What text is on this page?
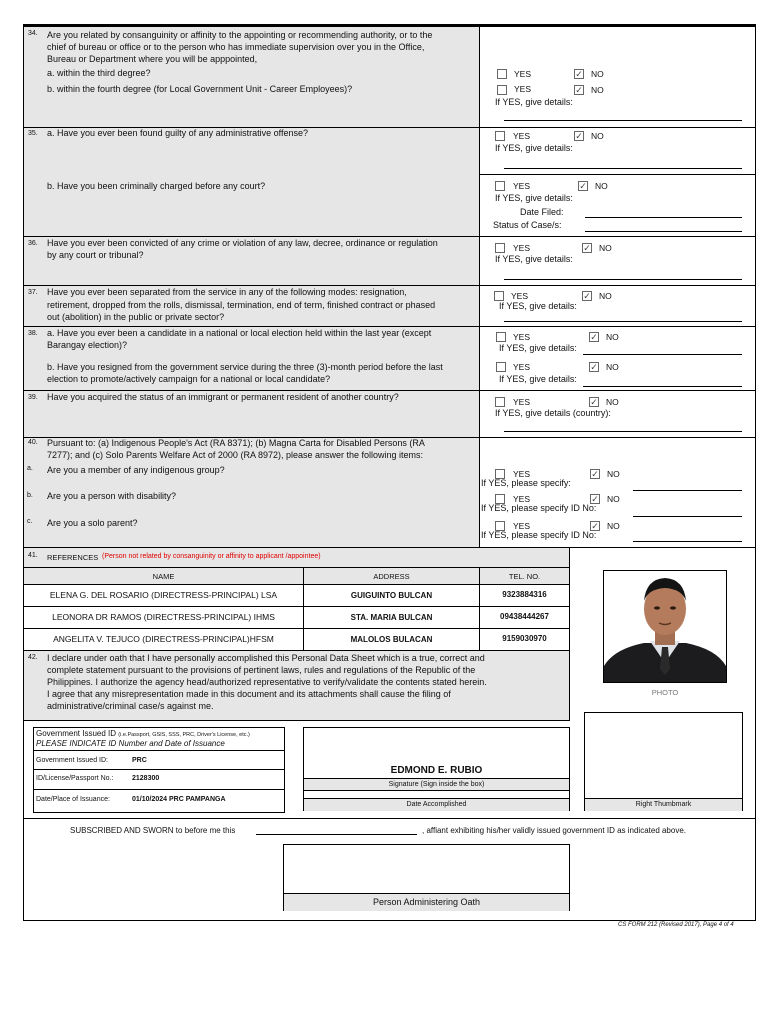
34. Are you related by consanguinity or affinity to the appointing or recommending authority, or to the
chief of bureau or office or to the person who has immediate supervision over you in the Office,
Bureau or Department where you will be apppointed,
a. within the third degree?
b. within the fourth degree (for Local Government Unit - Career Employees)?
YES	✓ NO
YES	✓ NO
If YES, give details:
35. a. Have you ever been found guilty of any administrative offense?
b. Have you been criminally charged before any court?
YES	✓ NO
If YES, give details:
YES	✓ NO
If YES, give details:
Date Filed:
Status of Case/s:
36. Have you ever been convicted of any crime or violation of any law, decree, ordinance or regulation
by any court or tribunal?
YES	✓ NO
If YES, give details:
37. Have you ever been separated from the service in any of the following modes: resignation,
retirement, dropped from the rolls, dismissal, termination, end of term, finished contract or phased
out (abolition) in the public or private sector?
YES	✓ NO
If YES, give details:
38. a. Have you ever been a candidate in a national or local election held within the last year (except
Barangay election)?
b. Have you resigned from the government service during the three (3)-month period before the last
election to promote/actively campaign for a national or local candidate?
YES	✓ NO
If YES, give details:
YES	✓ NO
If YES, give details:
39. Have you acquired the status of an immigrant or permanent resident of another country?	YES	✓ NO
If YES, give details (country):
40. Pursuant to: (a) Indigenous People's Act (RA 8371); (b) Magna Carta for Disabled Persons (RA
7277); and (c) Solo Parents Welfare Act of 2000 (RA 8972), please answer the following items:
a. Are you a member of any indigenous group?
b. Are you a person with disability?
c. Are you a solo parent?
YES	✓ NO
If YES, please specify:
YES	✓ NO
If YES, please specify ID No:
YES	✓ NO
If YES, please specify ID No:
41. REFERENCES (Person not related by consanguinity or affinity to applicant /appointee)
NAME	ADDRESS	TEL. NO.
ELENA G. DEL ROSARIO (DIRECTRESS-PRINCIPAL) LSA	GUIGUINTO BULCAN	9323884316
LEONORA DR RAMOS (DIRECTRESS-PRINCIPAL) IHMS	STA. MARIA BULCAN	09438444267
ANGELITA V. TEJUCO (DIRECTRESS-PRINCIPAL)HFSM	MALOLOS BULACAN	9159030970
PHOTO
42. I declare under oath that I have personally accomplished this Personal Data Sheet which is a true, correct and
complete statement pursuant to the provisions of pertinent laws, rules and regulations of the Republic of the
Philippines. I authorize the agency head/authorized representative to verify/validate the contents stated herein.
I agree that any misrepresentation made in this document and its attachments shall cause the filing of
administrative/criminal case/s against me.
Government Issued ID (i.e.Passport, GSIS, SSS, PRC, Driver's License, etc.)
PLEASE INDICATE ID Number and Date of Issuance
Government Issued ID:	PRC
ID/License/Passport No.:	2128300
Date/Place of Issuance:	01/10/2024 PRC PAMPANGA
EDMOND E. RUBIO
Signature (Sign inside the box)
Date Accomplished	Right Thumbmark
SUBSCRIBED AND SWORN to before me this	, affiant exhibiting his/her validly issued government ID as indicated above.
Person Administering Oath
CS FORM 212 (Revised 2017), Page 4 of 4
